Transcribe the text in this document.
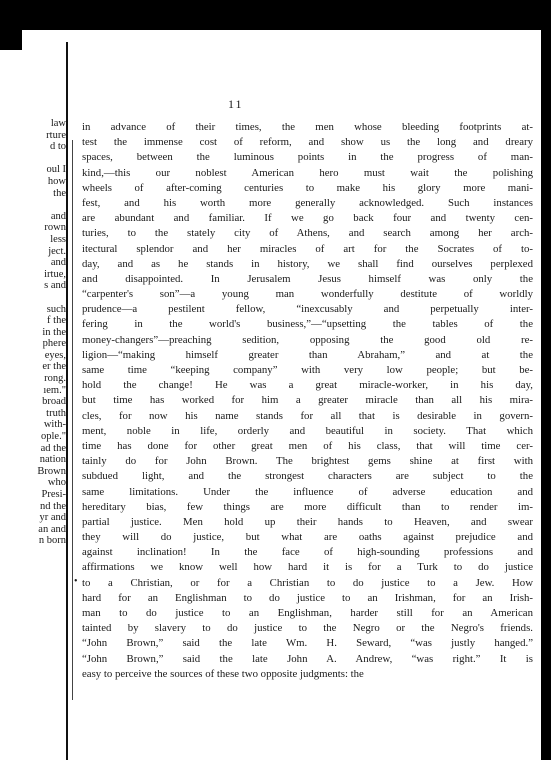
law
rture
d to
oul I
how
the
and
rown
less
ject.
and
irtue,
s and
such
f the
in the
phere
eyes,
er the
rong.
ıem."
broad
truth
with-
ople."
ad the
nation
Brown
who
Presi-
nd the
yr and
an and
n born
11
•
in advance of their times, the men whose bleeding footprints at-
test the immense cost of reform, and show us the long and dreary
spaces, between the luminous points in the progress of man-
kind,—this our noblest American hero must wait the polishing
wheels of after-coming centuries to make his glory more mani-
fest, and his worth more generally acknowledged. Such instances
are abundant and familiar. If we go back four and twenty cen-
turies, to the stately city of Athens, and search among her arch-
itectural splendor and her miracles of art for the Socrates of to-
day, and as he stands in history, we shall find ourselves perplexed
and disappointed. In Jerusalem Jesus himself was only the
“carpenter's son”—a young man wonderfully destitute of worldly
prudence—a pestilent fellow, “inexcusably and perpetually inter-
fering in the world's business,”—“upsetting the tables of the
money-changers”—preaching sedition, opposing the good old re-
ligion—“making himself greater than Abraham,” and at the
same time “keeping company” with very low people; but be-
hold the change! He was a great miracle-worker, in his day,
but time has worked for him a greater miracle than all his mira-
cles, for now his name stands for all that is desirable in govern-
ment, noble in life, orderly and beautiful in society. That which
time has done for other great men of his class, that will time cer-
tainly do for John Brown. The brightest gems shine at first with
subdued light, and the strongest characters are subject to the
same limitations. Under the influence of adverse education and
hereditary bias, few things are more difficult than to render im-
partial justice. Men hold up their hands to Heaven, and swear
they will do justice, but what are oaths against prejudice and
against inclination! In the face of high-sounding professions and
affirmations we know well how hard it is for a Turk to do justice
to a Christian, or for a Christian to do justice to a Jew. How
hard for an Englishman to do justice to an Irishman, for an Irish-
man to do justice to an Englishman, harder still for an American
tainted by slavery to do justice to the Negro or the Negro's friends.
“John Brown,” said the late Wm. H. Seward, “was justly hanged.”
“John Brown,” said the late John A. Andrew, “was right.” It is
easy to perceive the sources of these two opposite judgments: the
